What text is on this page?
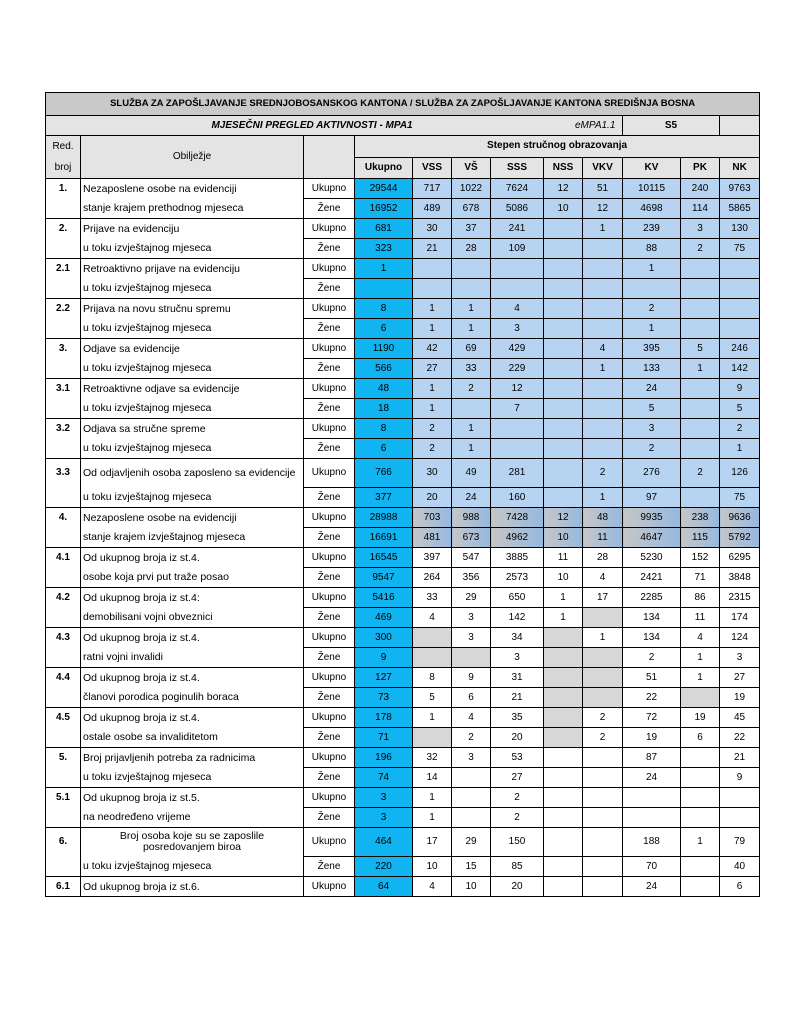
SLUŽBA ZA ZAPOŠLJAVANJE SREDNJOBOSANSKOG KANTONA / SLUŽBA ZA ZAPOŠLJAVANJE KANTONA SREDIŠNJA BOSNA											
MJESEČNI PREGLED AKTIVNOSTI - MPA1 eMPA1.1									S5		
Red.	Obilježje		Stepen stručnog obrazovanja								
broj			Ukupno	VSS	VŠ	SSS	NSS	VKV	KV	PK	NK
1.	Nezaposlene osobe na evidenciji	Ukupno	29544	717	1022	7624	12	51	10115	240	9763
	stanje krajem prethodnog mjeseca	Žene	16952	489	678	5086	10	12	4698	114	5865
2.	Prijave na evidenciju	Ukupno	681	30	37	241		1	239	3	130
	u toku izvještajnog mjeseca	Žene	323	21	28	109			88	2	75
2.1	Retroaktivno prijave na evidenciju	Ukupno	1						1		
	u toku izvještajnog mjeseca	Žene									
2.2	Prijava na novu stručnu spremu	Ukupno	8	1	1	4			2		
	u toku izvještajnog mjeseca	Žene	6	1	1	3			1		
3.	Odjave sa evidencije	Ukupno	1190	42	69	429		4	395	5	246
	u toku izvještajnog mjeseca	Žene	566	27	33	229		1	133	1	142
3.1	Retroaktivne odjave sa evidencije	Ukupno	48	1	2	12			24		9
	u toku izvještajnog mjeseca	Žene	18	1		7			5		5
3.2	Odjava sa stručne spreme	Ukupno	8	2	1				3		2
	u toku izvještajnog mjeseca	Žene	6	2	1				2		1
3.3	Od odjavljenih osoba zaposleno sa evidencije	Ukupno	766	30	49	281		2	276	2	126
	u toku izvještajnog mjeseca	Žene	377	20	24	160		1	97		75
4.	Nezaposlene osobe na evidenciji	Ukupno	28988	703	988	7428	12	48	9935	238	9636
	stanje krajem izvještajnog mjeseca	Žene	16691	481	673	4962	10	11	4647	115	5792
4.1	Od ukupnog broja iz st.4.	Ukupno	16545	397	547	3885	11	28	5230	152	6295
	osobe koja prvi put traže posao	Žene	9547	264	356	2573	10	4	2421	71	3848
4.2	Od ukupnog broja iz st.4:	Ukupno	5416	33	29	650	1	17	2285	86	2315
	demobilisani vojni obveznici	Žene	469	4	3	142	1		134	11	174
4.3	Od ukupnog broja iz st.4.	Ukupno	300		3	34		1	134	4	124
	ratni vojni invalidi	Žene	9			3			2	1	3
4.4	Od ukupnog broja iz st.4.	Ukupno	127	8	9	31			51	1	27
	članovi porodica poginulih boraca	Žene	73	5	6	21			22		19
4.5	Od ukupnog broja iz st.4.	Ukupno	178	1	4	35		2	72	19	45
	ostale osobe sa invaliditetom	Žene	71		2	20		2	19	6	22
5.	Broj prijavljenih potreba za radnicima	Ukupno	196	32	3	53			87		21
	u toku izvještajnog mjeseca	Žene	74	14		27			24		9
5.1	Od ukupnog broja iz st.5.	Ukupno	3	1		2					
	na neodređeno vrijeme	Žene	3	1		2					
6.	Broj osoba koje su se zaposlile posredovanjem biroa	Ukupno	464	17	29	150			188	1	79
	u toku izvještajnog mjeseca	Žene	220	10	15	85			70		40
6.1	Od ukupnog broja iz st.6.	Ukupno	64	4	10	20			24		6
